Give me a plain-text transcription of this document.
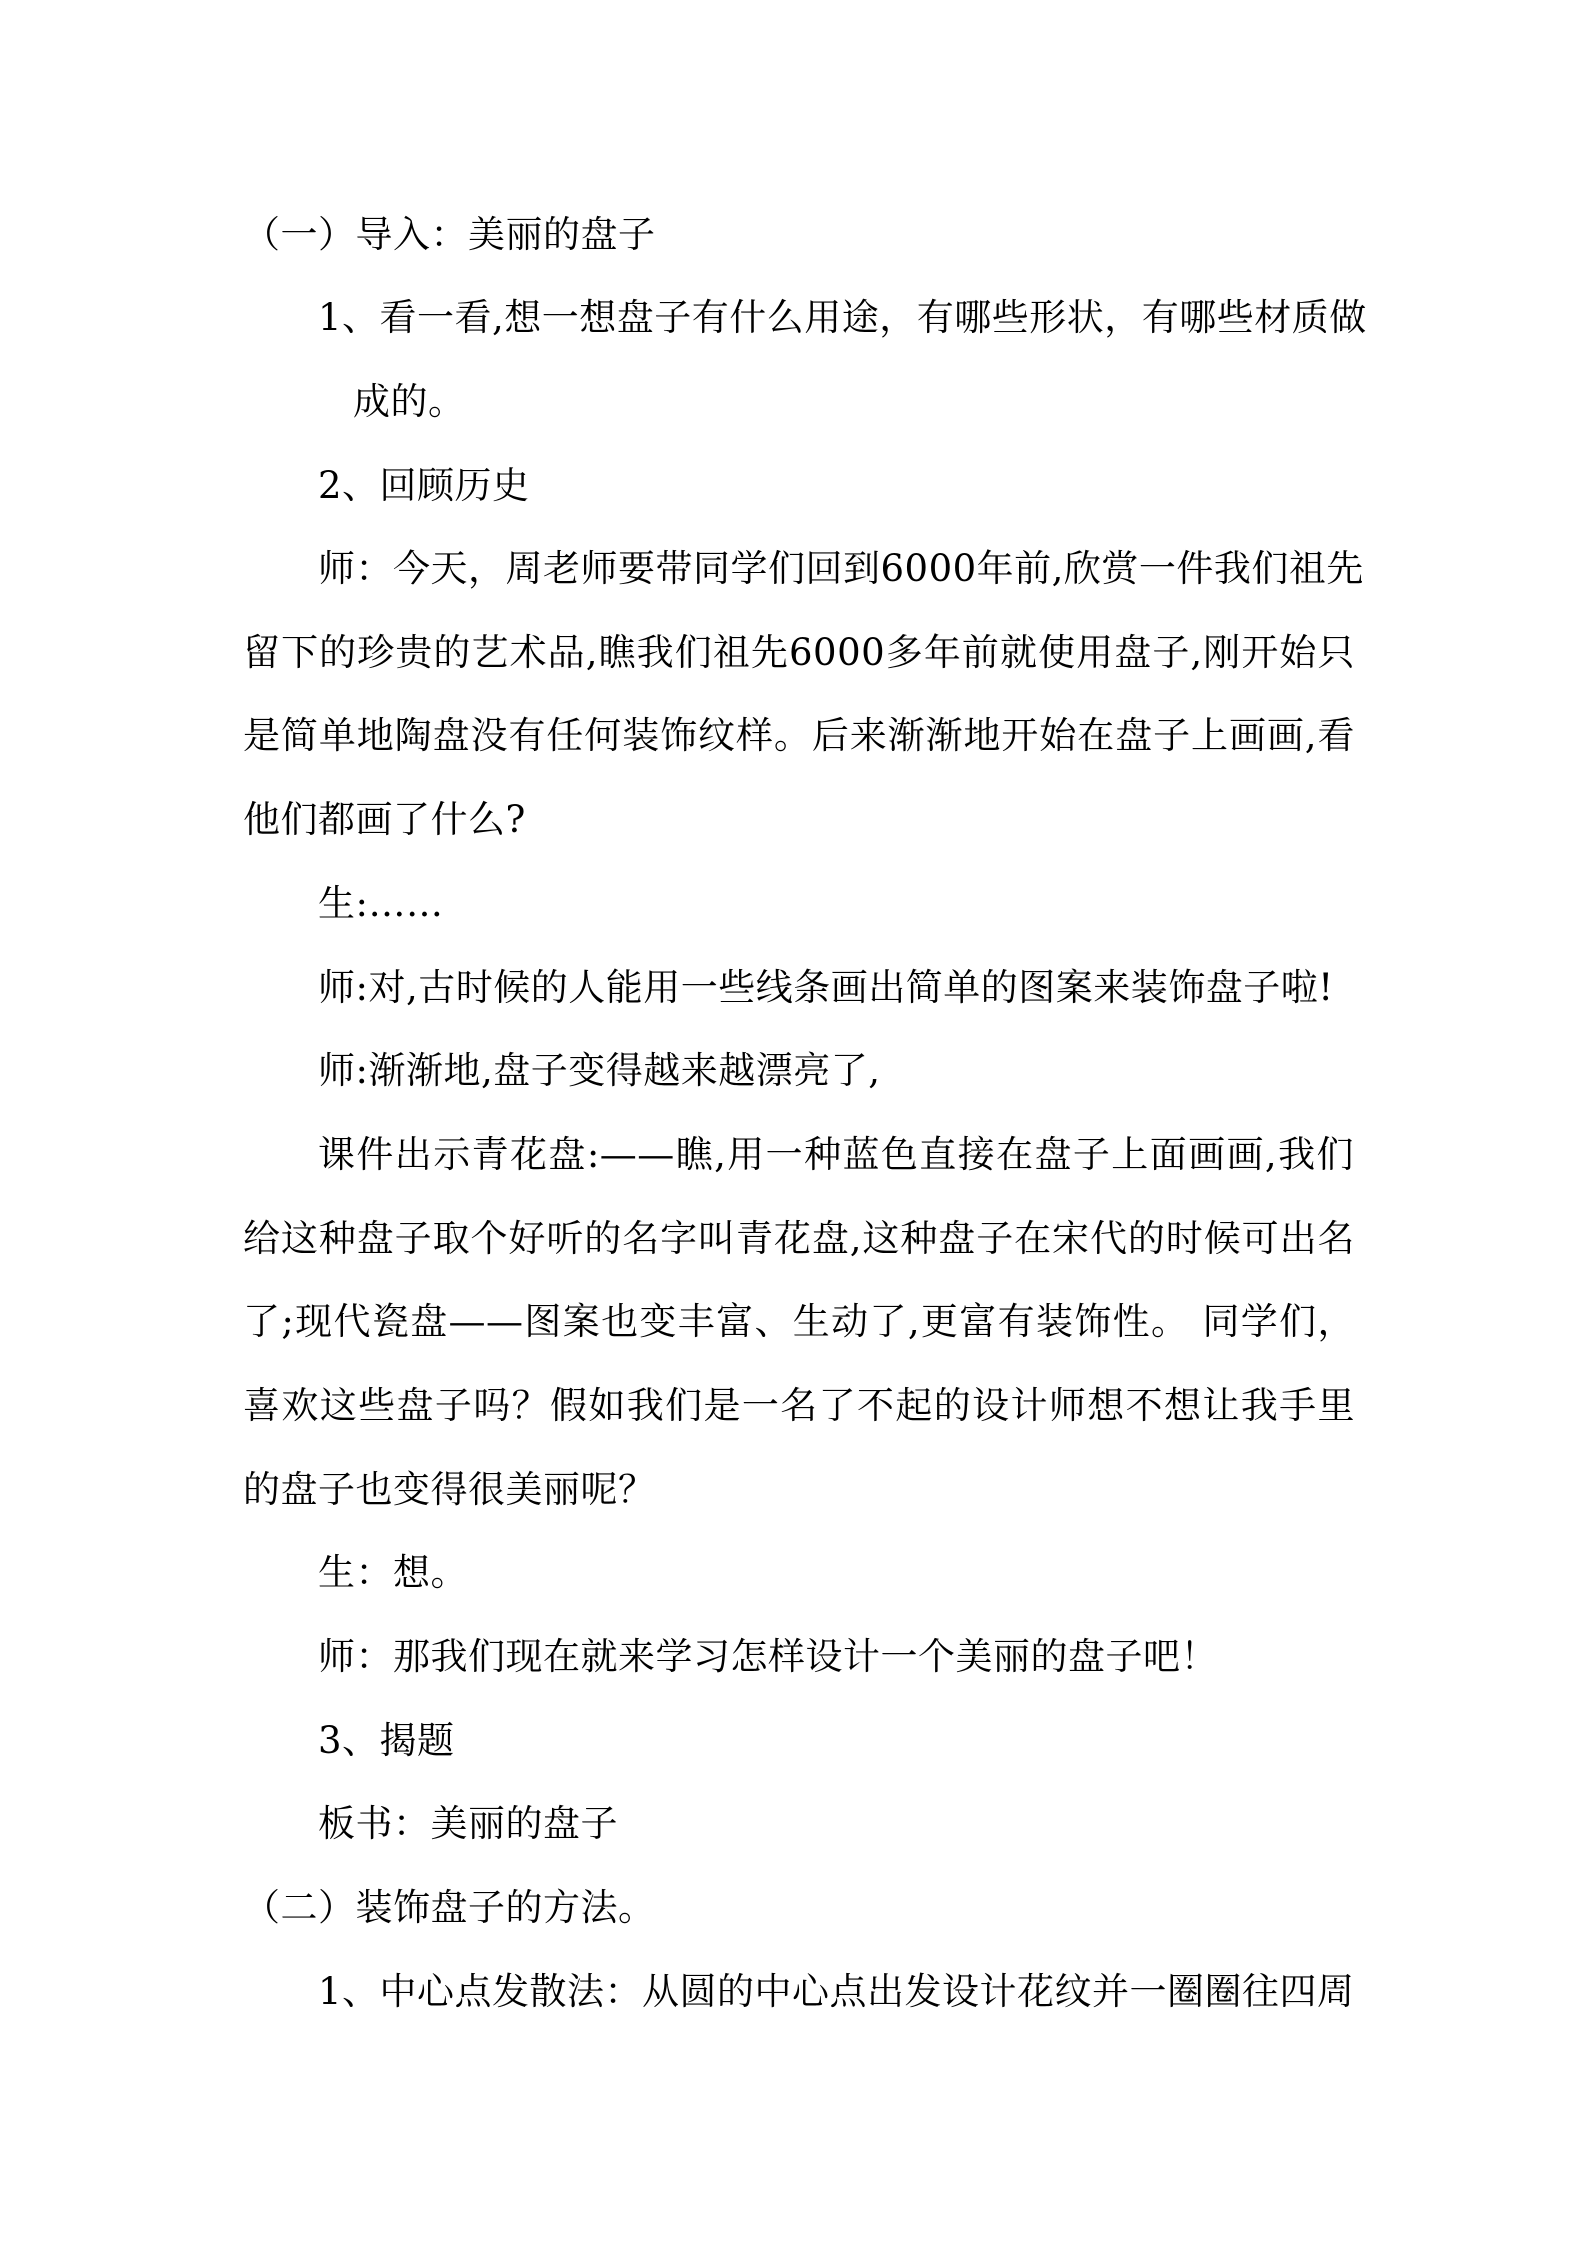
（一）导入：美丽的盘子
1、看一看,想一想盘子有什么用途，有哪些形状，有哪些材质做
成的。
2、回顾历史
师：今天，周老师要带同学们回到6000年前,欣赏一件我们祖先
留下的珍贵的艺术品,瞧我们祖先6000多年前就使用盘子,刚开始只
是简单地陶盘没有任何装饰纹样。后来渐渐地开始在盘子上画画,看
他们都画了什么?
生:……
师:对,古时候的人能用一些线条画出简单的图案来装饰盘子啦!
师:渐渐地,盘子变得越来越漂亮了,
课件出示青花盘:——瞧,用一种蓝色直接在盘子上面画画,我们
给这种盘子取个好听的名字叫青花盘,这种盘子在宋代的时候可出名
了;现代瓷盘——图案也变丰富、生动了,更富有装饰性。 同学们，
喜欢这些盘子吗？假如我们是一名了不起的设计师想不想让我手里
的盘子也变得很美丽呢？
生：想。
师：那我们现在就来学习怎样设计一个美丽的盘子吧！
3、揭题
板书：美丽的盘子
（二）装饰盘子的方法。
1、中心点发散法：从圆的中心点出发设计花纹并一圈圈往四周
